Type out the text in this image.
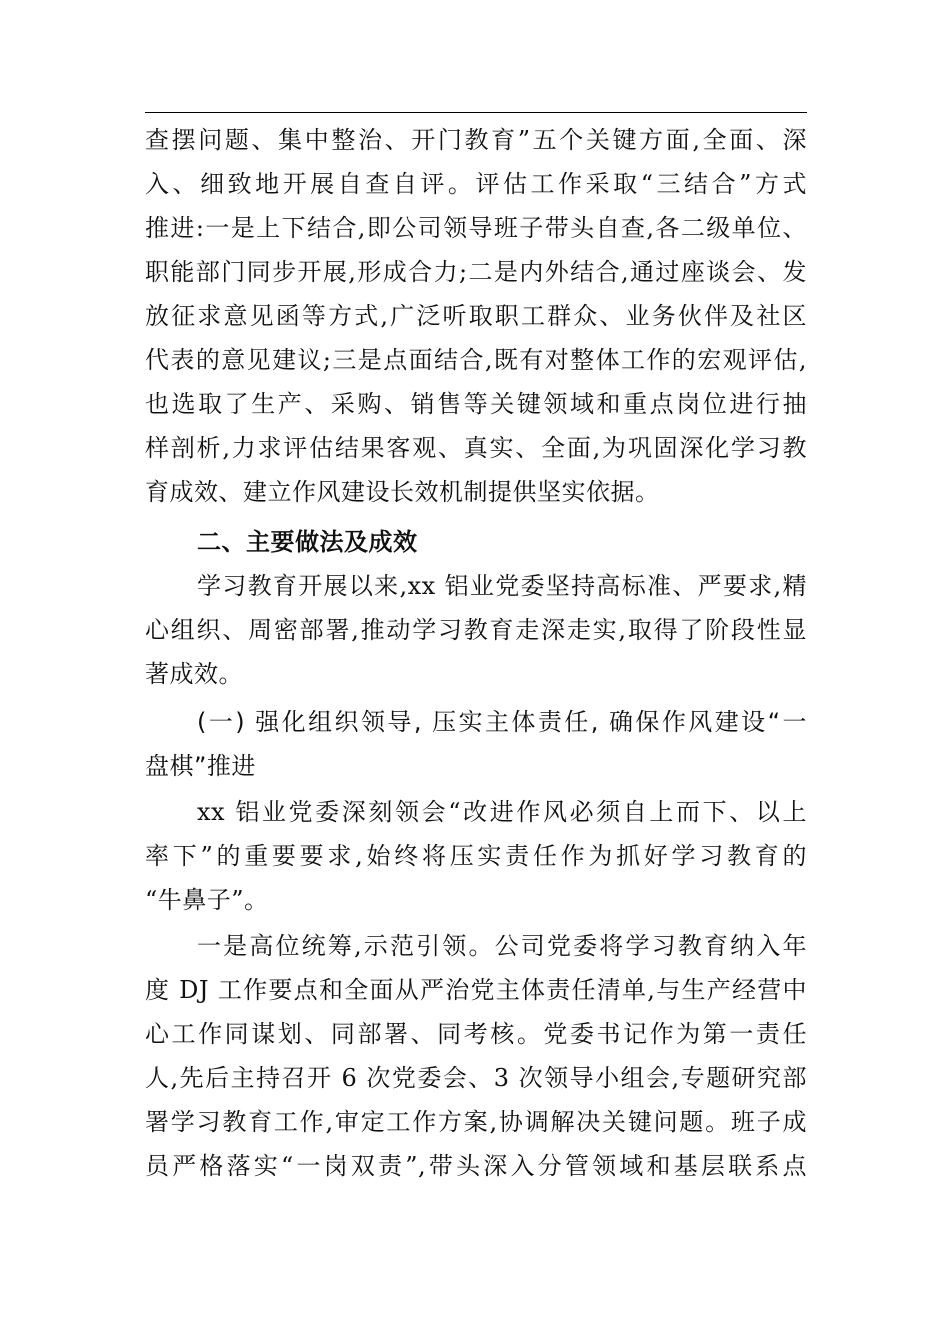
查摆问题、集中整治、开门教育”五个关键方面,全面、深
入、细致地开展自查自评。评估工作采取“三结合”方式
推进:一是上下结合,即公司领导班子带头自查,各二级单位、
职能部门同步开展,形成合力;二是内外结合,通过座谈会、发
放征求意见函等方式,广泛听取职工群众、业务伙伴及社区
代表的意见建议;三是点面结合,既有对整体工作的宏观评估,
也选取了生产、采购、销售等关键领域和重点岗位进行抽
样剖析,力求评估结果客观、真实、全面,为巩固深化学习教
育成效、建立作风建设长效机制提供坚实依据。
二、主要做法及成效
学习教育开展以来,xx 铝业党委坚持高标准、严要求,精
心组织、周密部署,推动学习教育走深走实,取得了阶段性显
著成效。
(一) 强化组织领导, 压实主体责任, 确保作风建设“一
盘棋”推进
xx 铝业党委深刻领会“改进作风必须自上而下、以上
率下”的重要要求,始终将压实责任作为抓好学习教育的
“牛鼻子”。
一是高位统筹,示范引领。公司党委将学习教育纳入年
度 DJ 工作要点和全面从严治党主体责任清单,与生产经营中
心工作同谋划、同部署、同考核。党委书记作为第一责任
人,先后主持召开 6 次党委会、3 次领导小组会,专题研究部
署学习教育工作,审定工作方案,协调解决关键问题。班子成
员严格落实“一岗双责”,带头深入分管领域和基层联系点
